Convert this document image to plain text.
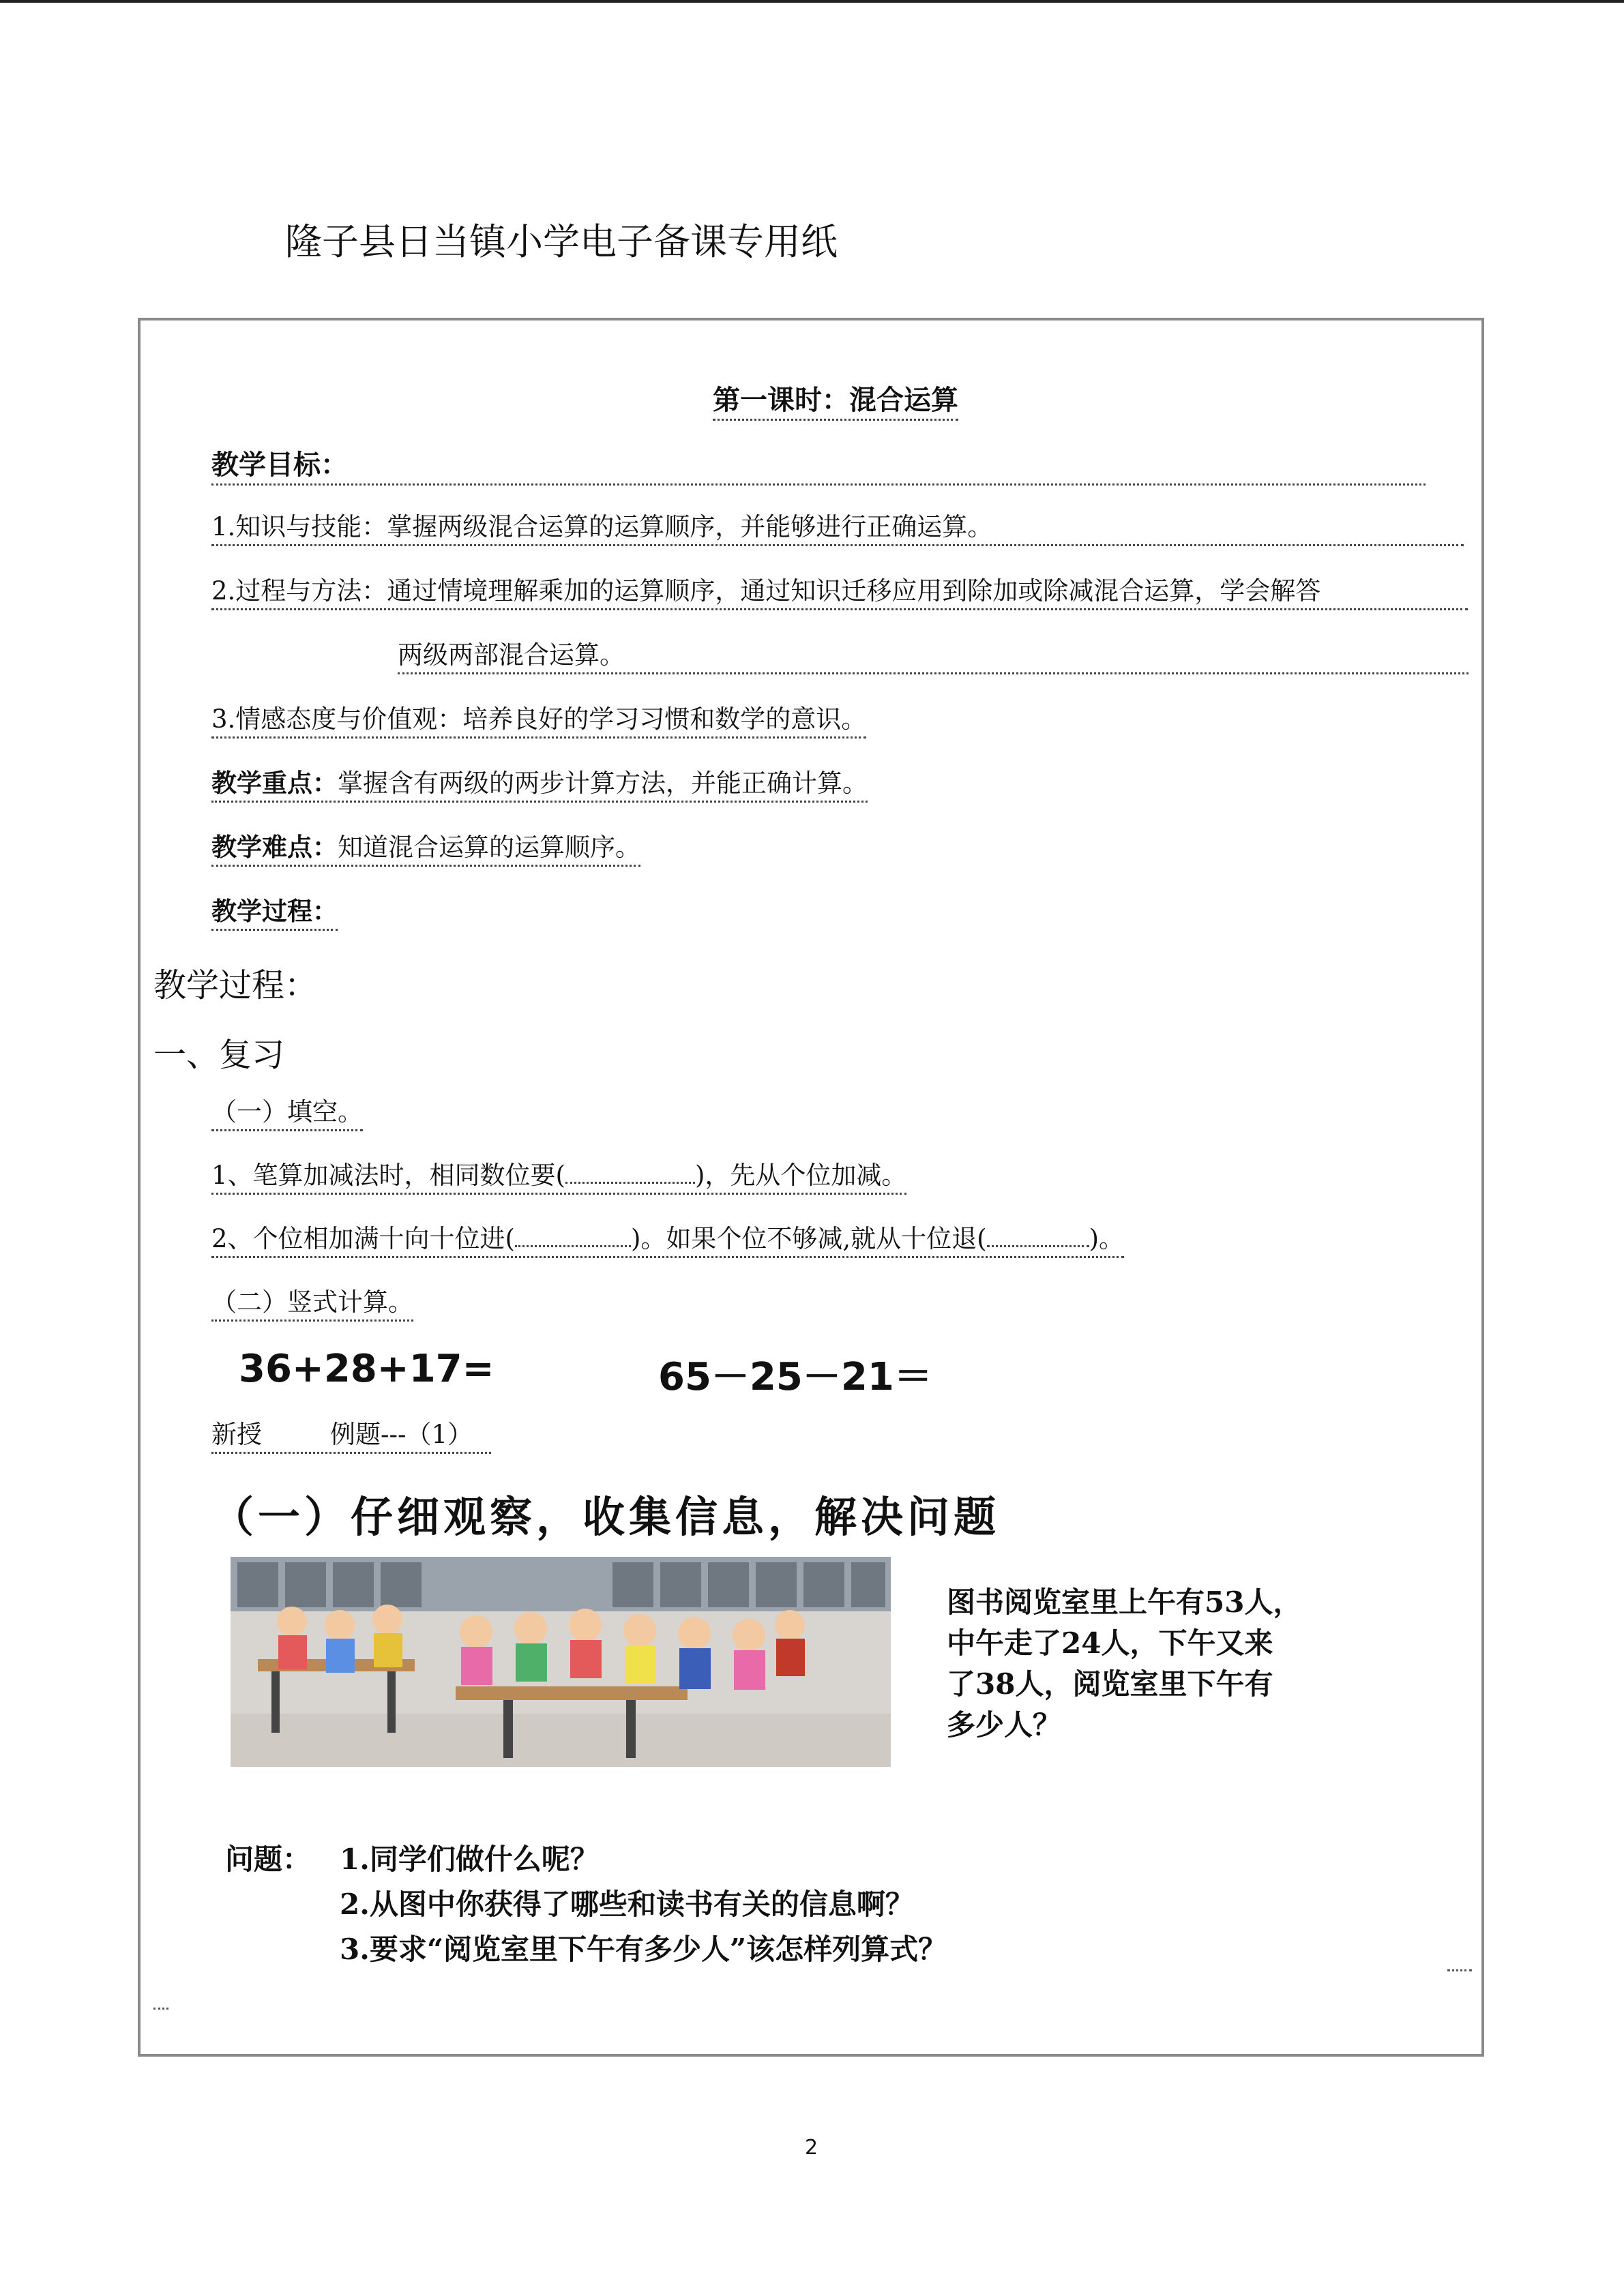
隆子县日当镇小学电子备课专用纸
第一课时：混合运算
教学目标：
1.知识与技能：掌握两级混合运算的运算顺序，并能够进行正确运算。
2.过程与方法：通过情境理解乘加的运算顺序，通过知识迁移应用到除加或除减混合运算，学会解答
两级两部混合运算。
3.情感态度与价值观：培养良好的学习习惯和数学的意识。
教学重点：掌握含有两级的两步计算方法，并能正确计算。
教学难点：知道混合运算的运算顺序。
教学过程：
教学过程：
一、复习
（一）填空。
1、笔算加减法时，相同数位要(	)，先从个位加减。
2、个位相加满十向十位进(	)。如果个位不够减,就从十位退(	)。
（二）竖式计算。
36+28+17=	65－25－21＝
新授	例题---（1）
（一）仔细观察，收集信息，解决问题
图书阅览室里上午有53人，
中午走了24人，下午又来
了38人，阅览室里下午有
多少人？
问题： 1.同学们做什么呢？
2.从图中你获得了哪些和读书有关的信息啊？
3.要求“阅览室里下午有多少人”该怎样列算式？
2
